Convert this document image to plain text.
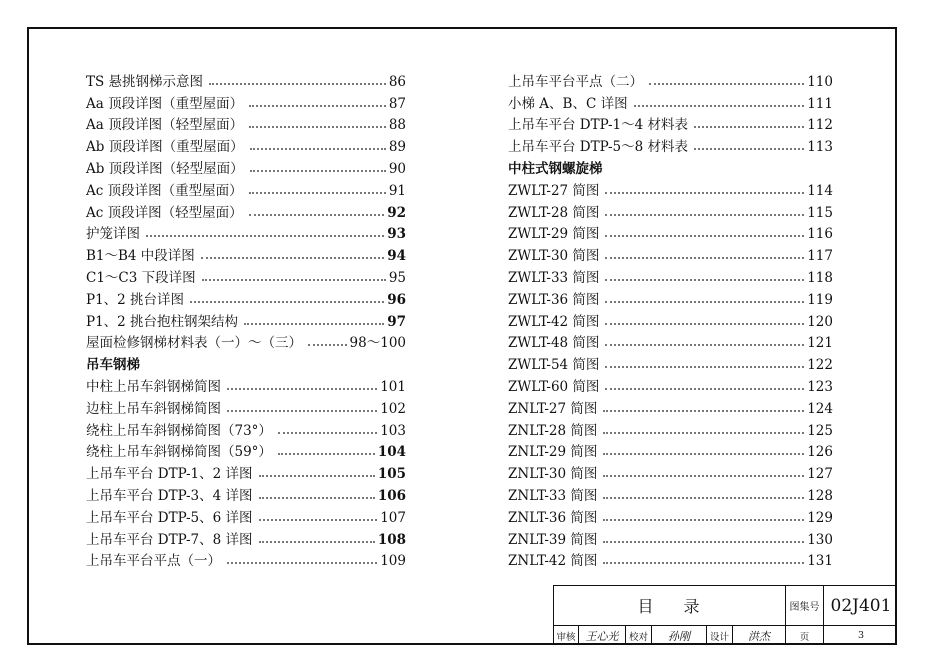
TS 悬挑钢梯示意图	86
Aa 顶段详图（重型屋面）	87
Aa 顶段详图（轻型屋面）	88
Ab 顶段详图（重型屋面）	89
Ab 顶段详图（轻型屋面）	90
Ac 顶段详图（重型屋面）	91
Ac 顶段详图（轻型屋面）	92
护笼详图	93
B1～B4 中段详图	94
C1～C3 下段详图	95
P1、2 挑台详图	96
P1、2 挑台抱柱钢架结构	97
屋面检修钢梯材料表（一）～（三）	98～100
吊车钢梯
中柱上吊车斜钢梯简图	101
边柱上吊车斜钢梯简图	102
绕柱上吊车斜钢梯简图（73°）	103
绕柱上吊车斜钢梯简图（59°）	104
上吊车平台 DTP-1、2 详图	105
上吊车平台 DTP-3、4 详图	106
上吊车平台 DTP-5、6 详图	107
上吊车平台 DTP-7、8 详图	108
上吊车平台平点（一）	109
上吊车平台平点（二）	110
小梯 A、B、C 详图	111
上吊车平台 DTP-1～4 材料表	112
上吊车平台 DTP-5～8 材料表	113
中柱式钢螺旋梯
ZWLT-27 简图	114
ZWLT-28 简图	115
ZWLT-29 简图	116
ZWLT-30 简图	117
ZWLT-33 简图	118
ZWLT-36 简图	119
ZWLT-42 简图	120
ZWLT-48 简图	121
ZWLT-54 简图	122
ZWLT-60 简图	123
ZNLT-27 简图	124
ZNLT-28 简图	125
ZNLT-29 简图	126
ZNLT-30 简图	127
ZNLT-33 简图	128
ZNLT-36 简图	129
ZNLT-39 简图	130
ZNLT-42 简图	131
目录	图集号 02J401
审核 王心光	校对	孙刚	设计	洪杰	页	3
